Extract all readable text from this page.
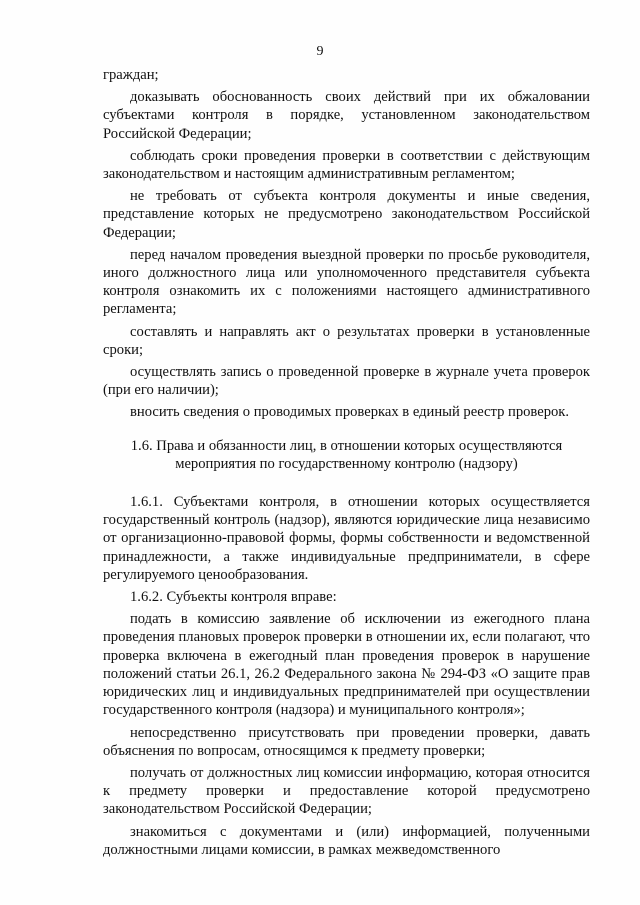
9

граждан;

доказывать обоснованность своих действий при их обжаловании субъектами контроля в порядке, установленном законодательством Российской Федерации;

соблюдать сроки проведения проверки в соответствии с действующим законодательством и настоящим административным регламентом;

не требовать от субъекта контроля документы и иные сведения, представление которых не предусмотрено законодательством Российской Федерации;

перед началом проведения выездной проверки по просьбе руководителя, иного должностного лица или уполномоченного представителя субъекта контроля ознакомить их с положениями настоящего административного регламента;

составлять и направлять акт о результатах проверки в установленные сроки;

осуществлять запись о проведенной проверке в журнале учета проверок (при его наличии);

вносить сведения о проводимых проверках в единый реестр проверок.

1.6. Права и обязанности лиц, в отношении которых осуществляются
мероприятия по государственному контролю (надзору)

1.6.1. Субъектами контроля, в отношении которых осуществляется государственный контроль (надзор), являются юридические лица независимо от организационно-правовой формы, формы собственности и ведомственной принадлежности, а также индивидуальные предприниматели, в сфере регулируемого ценообразования.

1.6.2. Субъекты контроля вправе:

подать в комиссию заявление об исключении из ежегодного плана проведения плановых проверок проверки в отношении их, если полагают, что проверка включена в ежегодный план проведения проверок в нарушение положений статьи 26.1, 26.2 Федерального закона № 294-ФЗ «О защите прав юридических лиц и индивидуальных предпринимателей при осуществлении государственного контроля (надзора) и муниципального контроля»;

непосредственно присутствовать при проведении проверки, давать объяснения по вопросам, относящимся к предмету проверки;

получать от должностных лиц комиссии информацию, которая относится к предмету проверки и предоставление которой предусмотрено законодательством Российской Федерации;

знакомиться с документами и (или) информацией, полученными должностными лицами комиссии, в рамках межведомственного
